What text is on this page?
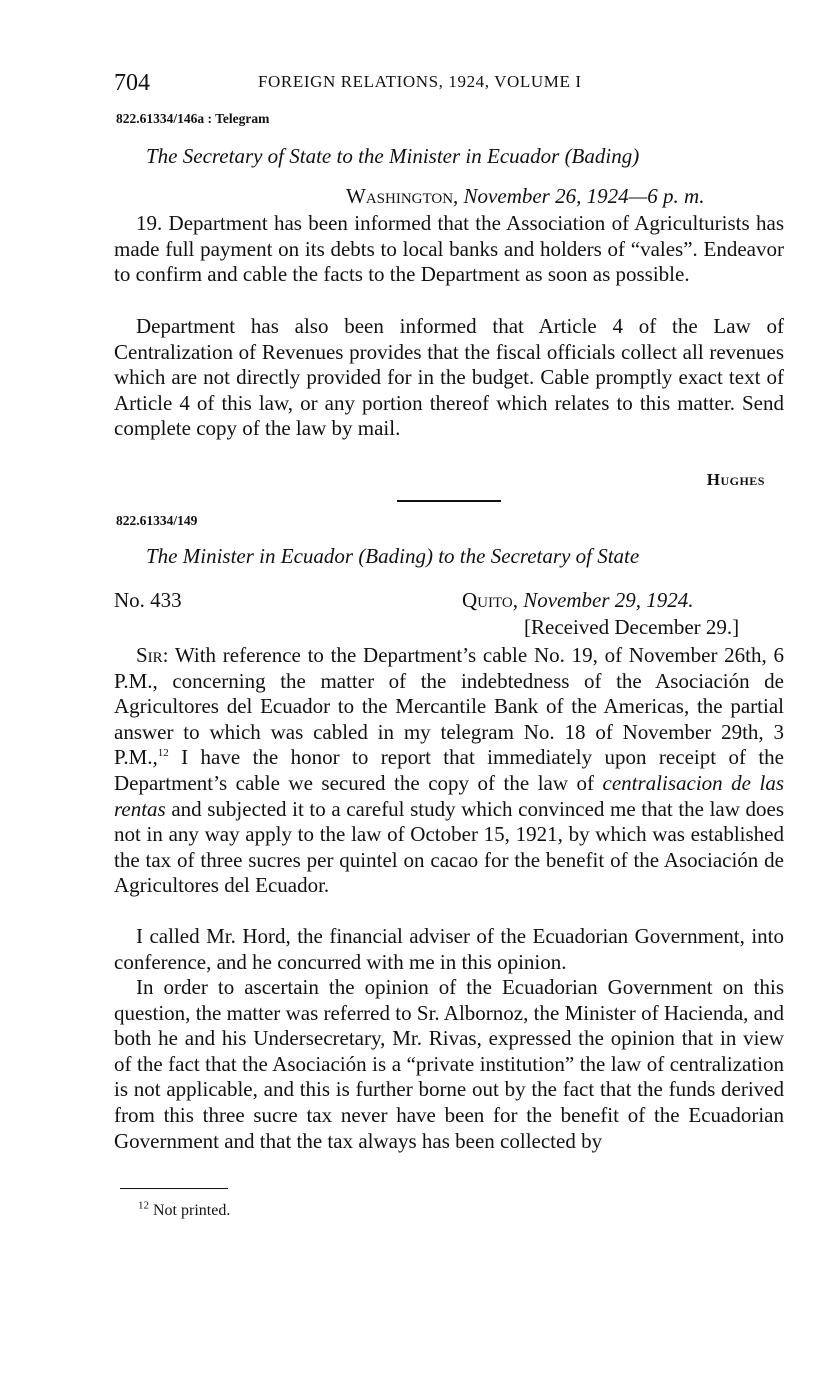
704	FOREIGN RELATIONS, 1924, VOLUME I
822.61334/146a : Telegram
The Secretary of State to the Minister in Ecuador (Bading)
Washington, November 26, 1924—6 p. m.

19. Department has been informed that the Association of Agriculturists has made full payment on its debts to local banks and holders of “vales”. Endeavor to confirm and cable the facts to the Department as soon as possible.

Department has also been informed that Article 4 of the Law of Centralization of Revenues provides that the fiscal officials collect all revenues which are not directly provided for in the budget. Cable promptly exact text of Article 4 of this law, or any portion thereof which relates to this matter. Send complete copy of the law by mail.

Hughes
822.61334/149
The Minister in Ecuador (Bading) to the Secretary of State
No. 433	Quito, November 29, 1924.
[Received December 29.]

Sir: With reference to the Department’s cable No. 19, of November 26th, 6 P.M., concerning the matter of the indebtedness of the Asociación de Agricultores del Ecuador to the Mercantile Bank of the Americas, the partial answer to which was cabled in my telegram No. 18 of November 29th, 3 P.M.,$^{12}$ I have the honor to report that immediately upon receipt of the Department’s cable we secured the copy of the law of centralisacion de las rentas and subjected it to a careful study which convinced me that the law does not in any way apply to the law of October 15, 1921, by which was established the tax of three sucres per quintel on cacao for the benefit of the Asociación de Agricultores del Ecuador.

I called Mr. Hord, the financial adviser of the Ecuadorian Government, into conference, and he concurred with me in this opinion.

In order to ascertain the opinion of the Ecuadorian Government on this question, the matter was referred to Sr. Albornoz, the Minister of Hacienda, and both he and his Undersecretary, Mr. Rivas, expressed the opinion that in view of the fact that the Asociación is a “private institution” the law of centralization is not applicable, and this is further borne out by the fact that the funds derived from this three sucre tax never have been for the benefit of the Ecuadorian Government and that the tax always has been collected by

$^{12}$ Not printed.
